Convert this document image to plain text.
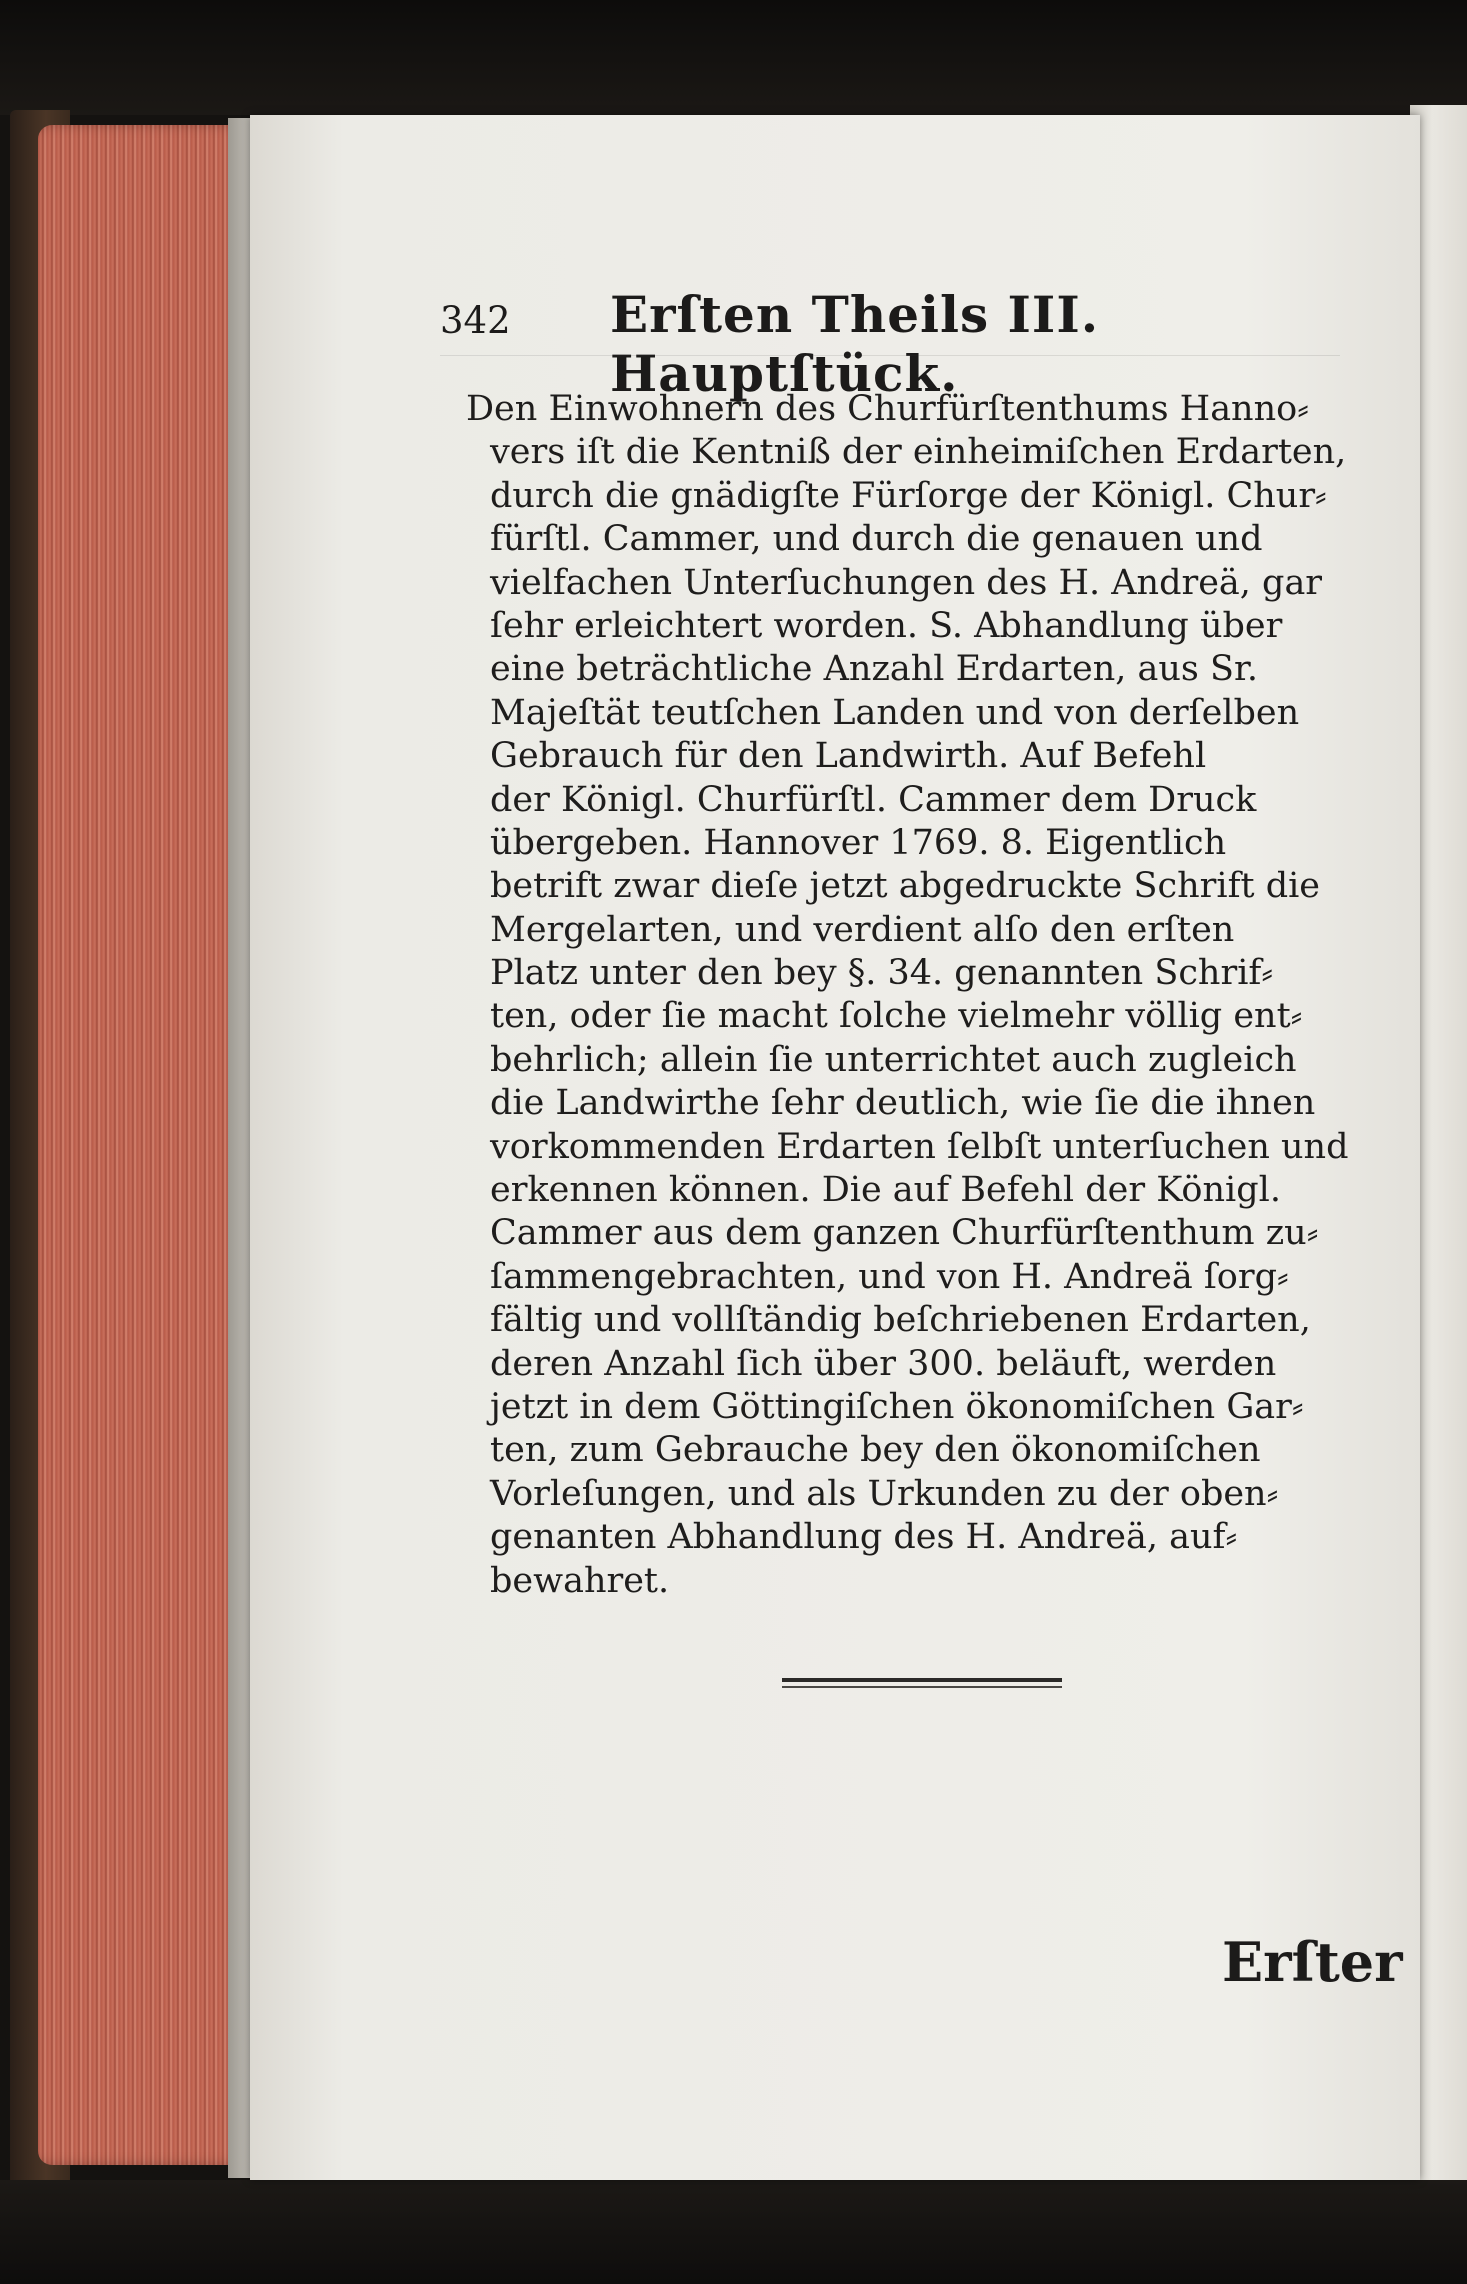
342 Erſten Theils III. Hauptſtück.
Den Einwohnern des Churfürſtenthums Hanno⸗
vers iſt die Kentniß der einheimiſchen Erdarten,
durch die gnädigſte Fürſorge der Königl. Chur⸗
fürſtl. Cammer, und durch die genauen und
vielfachen Unterſuchungen des H. Andreä, gar
ſehr erleichtert worden. S. Abhandlung über
eine beträchtliche Anzahl Erdarten, aus Sr.
Majeſtät teutſchen Landen und von derſelben
Gebrauch für den Landwirth. Auf Befehl
der Königl. Churfürſtl. Cammer dem Druck
übergeben. Hannover 1769. 8. Eigentlich
betrift zwar dieſe jetzt abgedruckte Schrift die
Mergelarten, und verdient alſo den erſten
Platz unter den bey §. 34. genannten Schrif⸗
ten, oder ſie macht ſolche vielmehr völlig ent⸗
behrlich; allein ſie unterrichtet auch zugleich
die Landwirthe ſehr deutlich, wie ſie die ihnen
vorkommenden Erdarten ſelbſt unterſuchen und
erkennen können. Die auf Befehl der Königl.
Cammer aus dem ganzen Churfürſtenthum zu⸗
ſammengebrachten, und von H. Andreä ſorg⸗
fältig und vollſtändig beſchriebenen Erdarten,
deren Anzahl ſich über 300. beläuft, werden
jetzt in dem Göttingiſchen ökonomiſchen Gar⸗
ten, zum Gebrauche bey den ökonomiſchen
Vorleſungen, und als Urkunden zu der oben⸗
genanten Abhandlung des H. Andreä, auf⸗
bewahret.
Erſter
